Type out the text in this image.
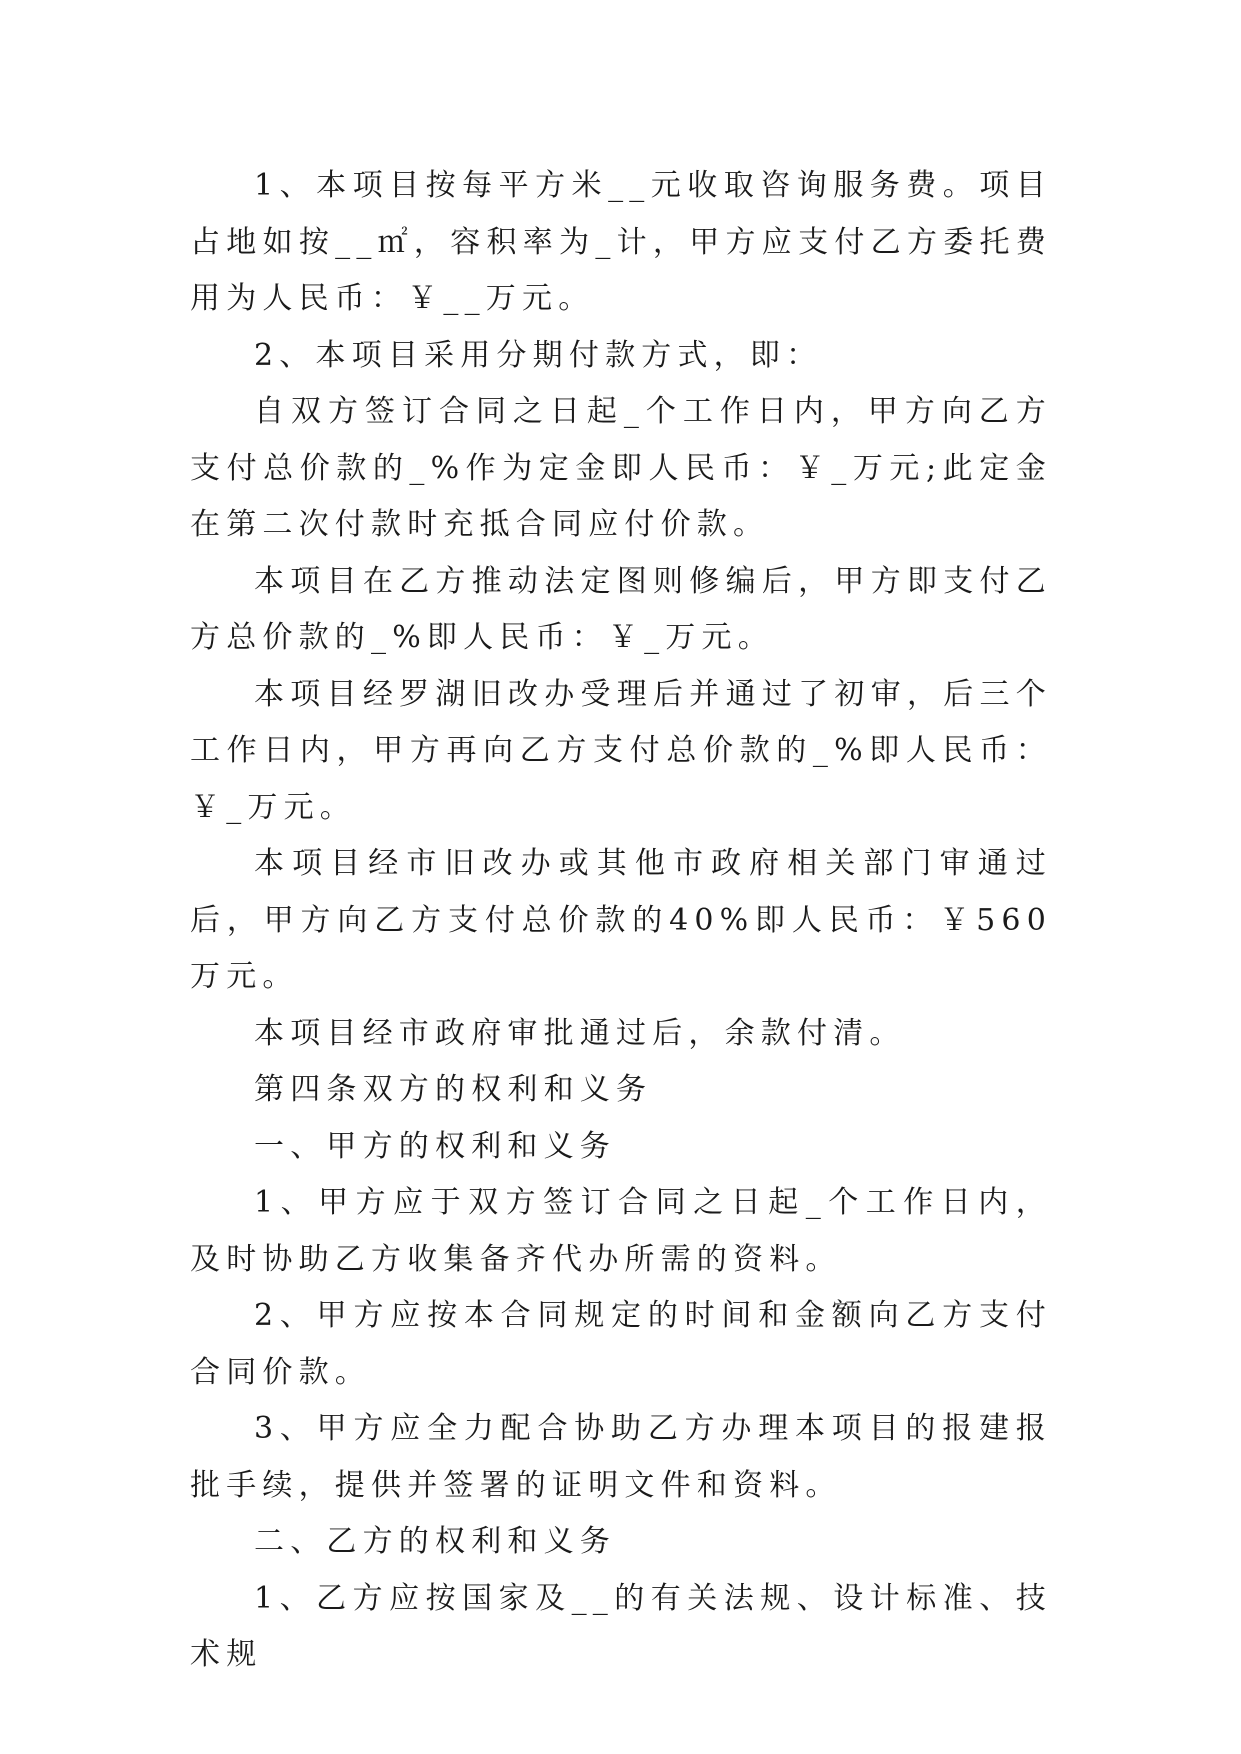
1、本项目按每平方米__元收取咨询服务费。项目占地如按__㎡，容积率为_计，甲方应支付乙方委托费用为人民币：￥__万元。

2、本项目采用分期付款方式，即：

自双方签订合同之日起_个工作日内，甲方向乙方支付总价款的_%作为定金即人民币：￥_万元;此定金在第二次付款时充抵合同应付价款。

本项目在乙方推动法定图则修编后，甲方即支付乙方总价款的_%即人民币：￥_万元。

本项目经罗湖旧改办受理后并通过了初审，后三个工作日内，甲方再向乙方支付总价款的_%即人民币：￥_万元。

本项目经市旧改办或其他市政府相关部门审通过后，甲方向乙方支付总价款的40%即人民币：￥560万元。

本项目经市政府审批通过后，余款付清。

第四条双方的权利和义务

一、甲方的权利和义务

1、甲方应于双方签订合同之日起_个工作日内，及时协助乙方收集备齐代办所需的资料。

2、甲方应按本合同规定的时间和金额向乙方支付合同价款。

3、甲方应全力配合协助乙方办理本项目的报建报批手续，提供并签署的证明文件和资料。

二、乙方的权利和义务

1、乙方应按国家及__的有关法规、设计标准、技术规
